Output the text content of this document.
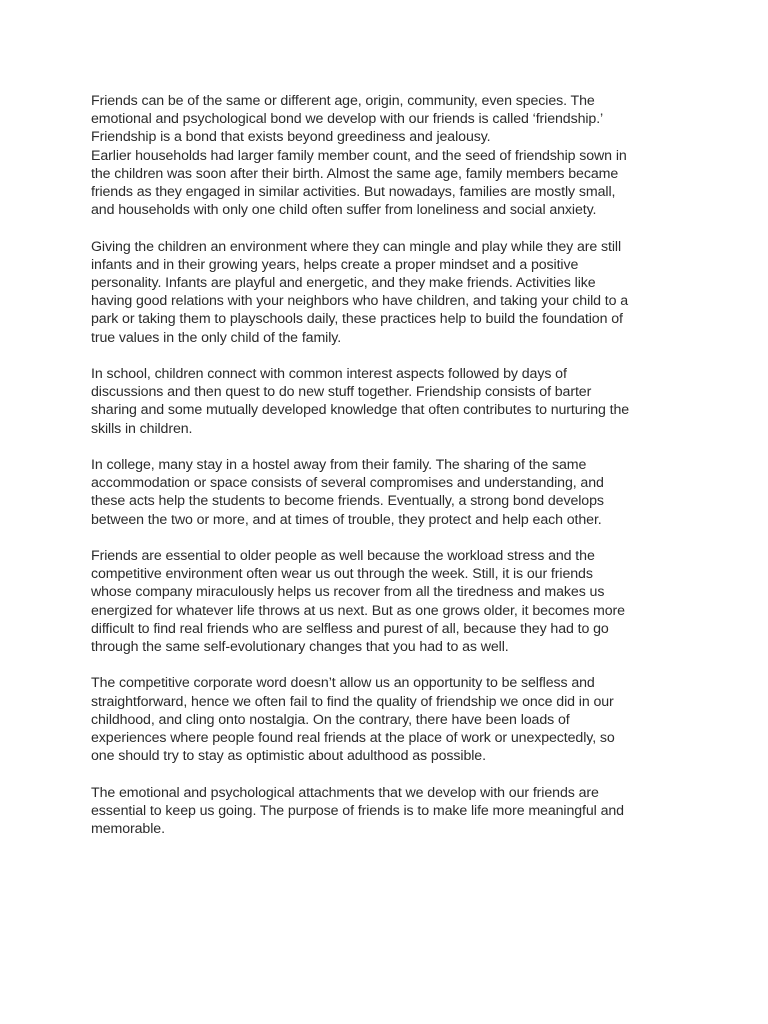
Friends can be of the same or different age, origin, community, even species. The
emotional and psychological bond we develop with our friends is called ‘friendship.’
Friendship is a bond that exists beyond greediness and jealousy.
Earlier households had larger family member count, and the seed of friendship sown in
the children was soon after their birth. Almost the same age, family members became
friends as they engaged in similar activities. But nowadays, families are mostly small,
and households with only one child often suffer from loneliness and social anxiety.

Giving the children an environment where they can mingle and play while they are still
infants and in their growing years, helps create a proper mindset and a positive
personality. Infants are playful and energetic, and they make friends. Activities like
having good relations with your neighbors who have children, and taking your child to a
park or taking them to playschools daily, these practices help to build the foundation of
true values in the only child of the family.

In school, children connect with common interest aspects followed by days of
discussions and then quest to do new stuff together. Friendship consists of barter
sharing and some mutually developed knowledge that often contributes to nurturing the
skills in children.

In college, many stay in a hostel away from their family. The sharing of the same
accommodation or space consists of several compromises and understanding, and
these acts help the students to become friends. Eventually, a strong bond develops
between the two or more, and at times of trouble, they protect and help each other.

Friends are essential to older people as well because the workload stress and the
competitive environment often wear us out through the week. Still, it is our friends
whose company miraculously helps us recover from all the tiredness and makes us
energized for whatever life throws at us next. But as one grows older, it becomes more
difficult to find real friends who are selfless and purest of all, because they had to go
through the same self-evolutionary changes that you had to as well.

The competitive corporate word doesn’t allow us an opportunity to be selfless and
straightforward, hence we often fail to find the quality of friendship we once did in our
childhood, and cling onto nostalgia. On the contrary, there have been loads of
experiences where people found real friends at the place of work or unexpectedly, so
one should try to stay as optimistic about adulthood as possible.

The emotional and psychological attachments that we develop with our friends are
essential to keep us going. The purpose of friends is to make life more meaningful and
memorable.
